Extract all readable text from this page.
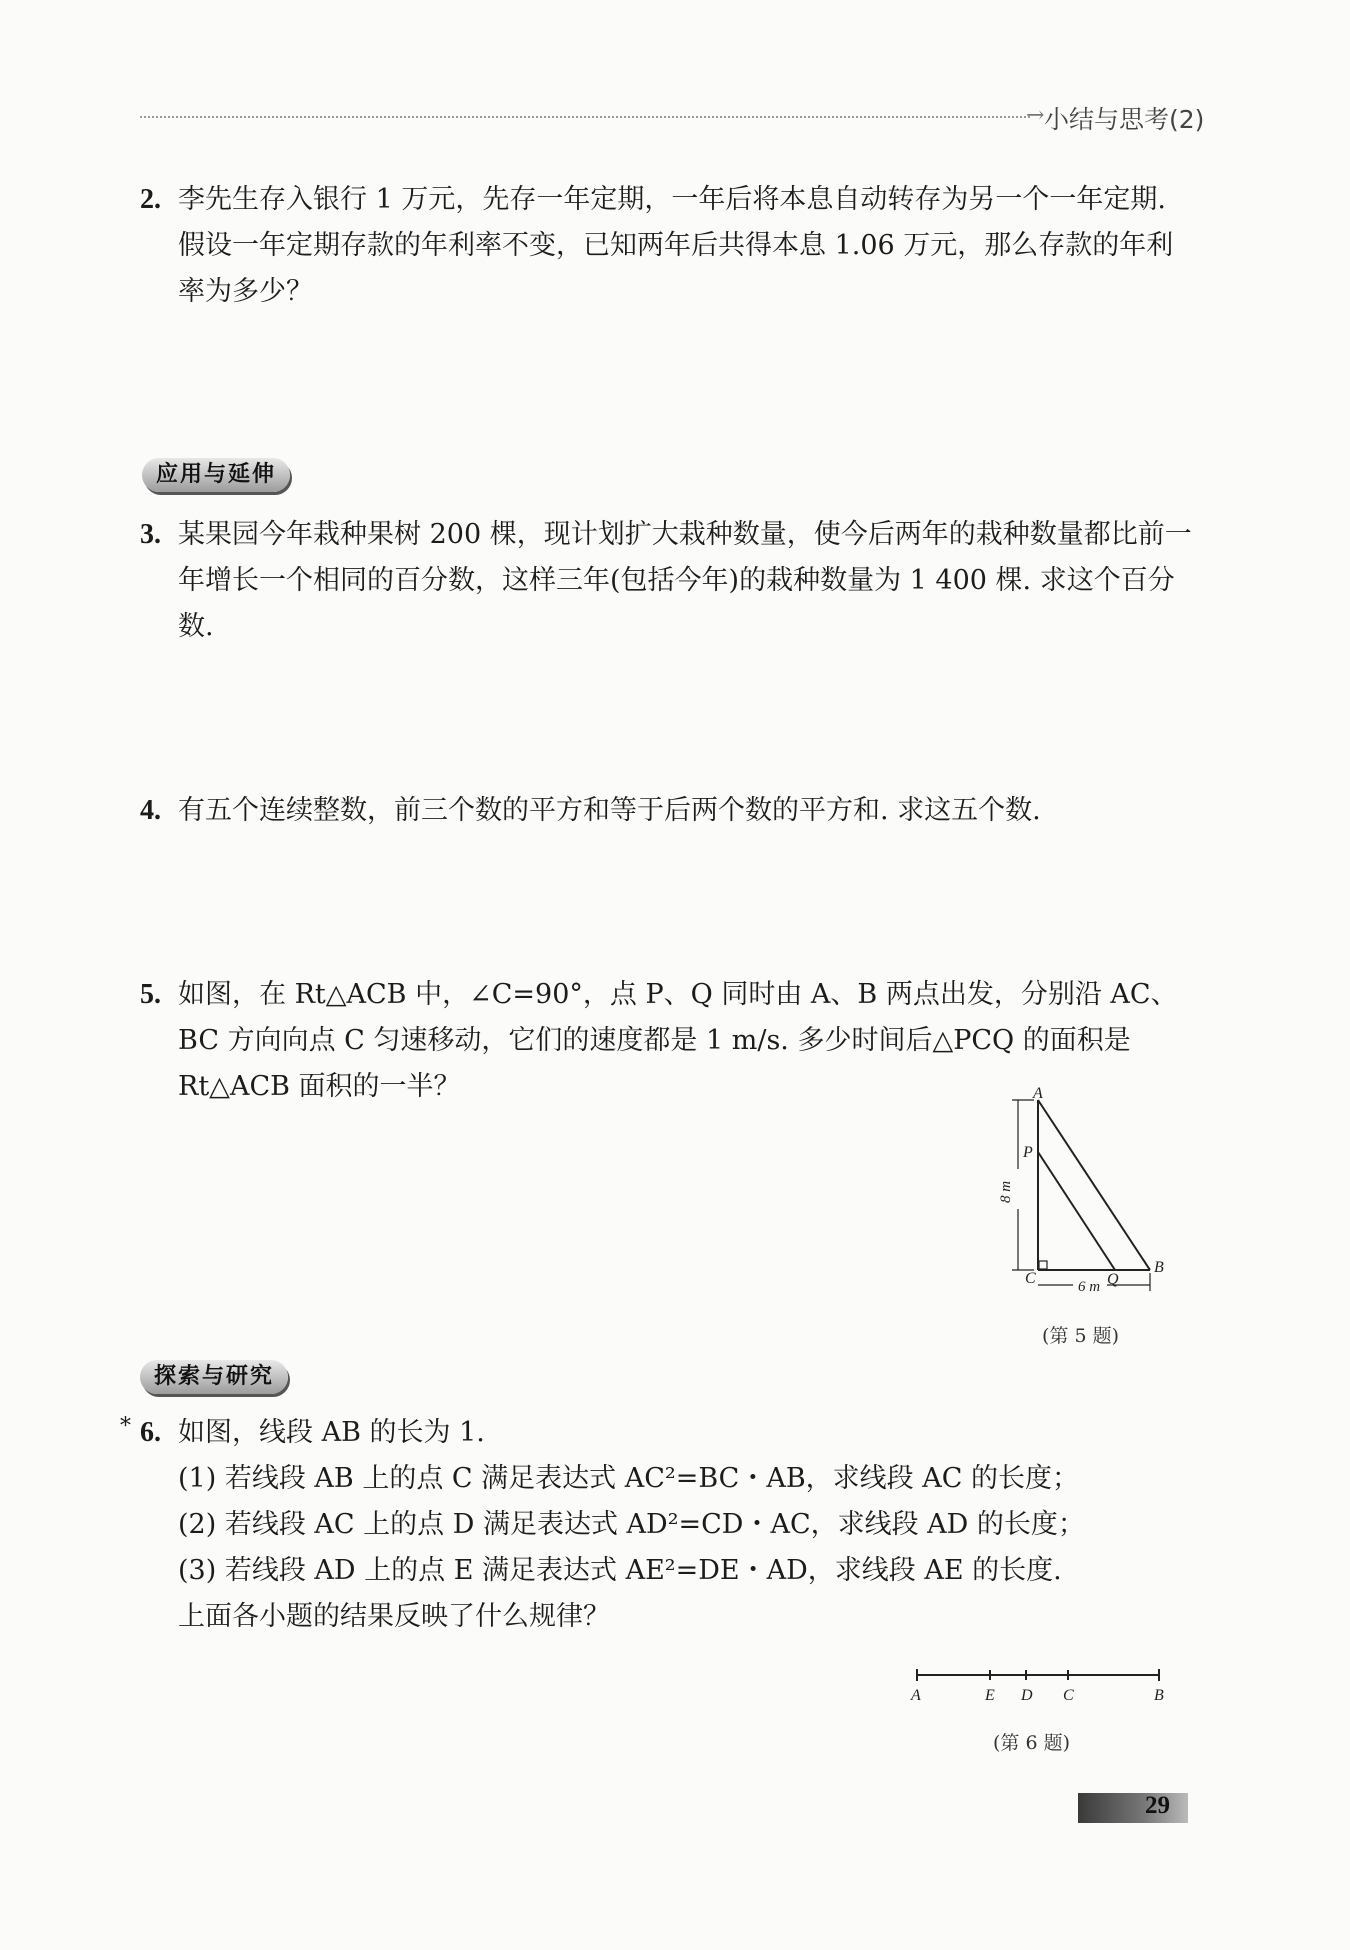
→ 小结与思考(2)
2. 李先生存入银行 1 万元，先存一年定期，一年后将本息自动转存为另一个一年定期. 假设一年定期存款的年利率不变，已知两年后共得本息 1.06 万元，那么存款的年利率为多少？
应用与延伸
3. 某果园今年栽种果树 200 棵，现计划扩大栽种数量，使今后两年的栽种数量都比前一年增长一个相同的百分数，这样三年(包括今年)的栽种数量为 1 400 棵. 求这个百分数.
4. 有五个连续整数，前三个数的平方和等于后两个数的平方和. 求这五个数.
5. 如图，在 Rt△ACB 中，∠C=90°，点 P、Q 同时由 A、B 两点出发，分别沿 AC、BC 方向向点 C 匀速移动，它们的速度都是 1 m/s. 多少时间后△PCQ 的面积是 Rt△ACB 面积的一半？	A
P
C	Q
B
8 m
6 m
(第 5 题)
探索与研究
* 6. 如图，线段 AB 的长为 1.
(1) 若线段 AB 上的点 C 满足表达式 AC²=BC・AB，求线段 AC 的长度；
(2) 若线段 AC 上的点 D 满足表达式 AD²=CD・AC，求线段 AD 的长度；
(3) 若线段 AD 上的点 E 满足表达式 AE²=DE・AD，求线段 AE 的长度.
上面各小题的结果反映了什么规律？
A	E D C	B
(第 6 题)
29
